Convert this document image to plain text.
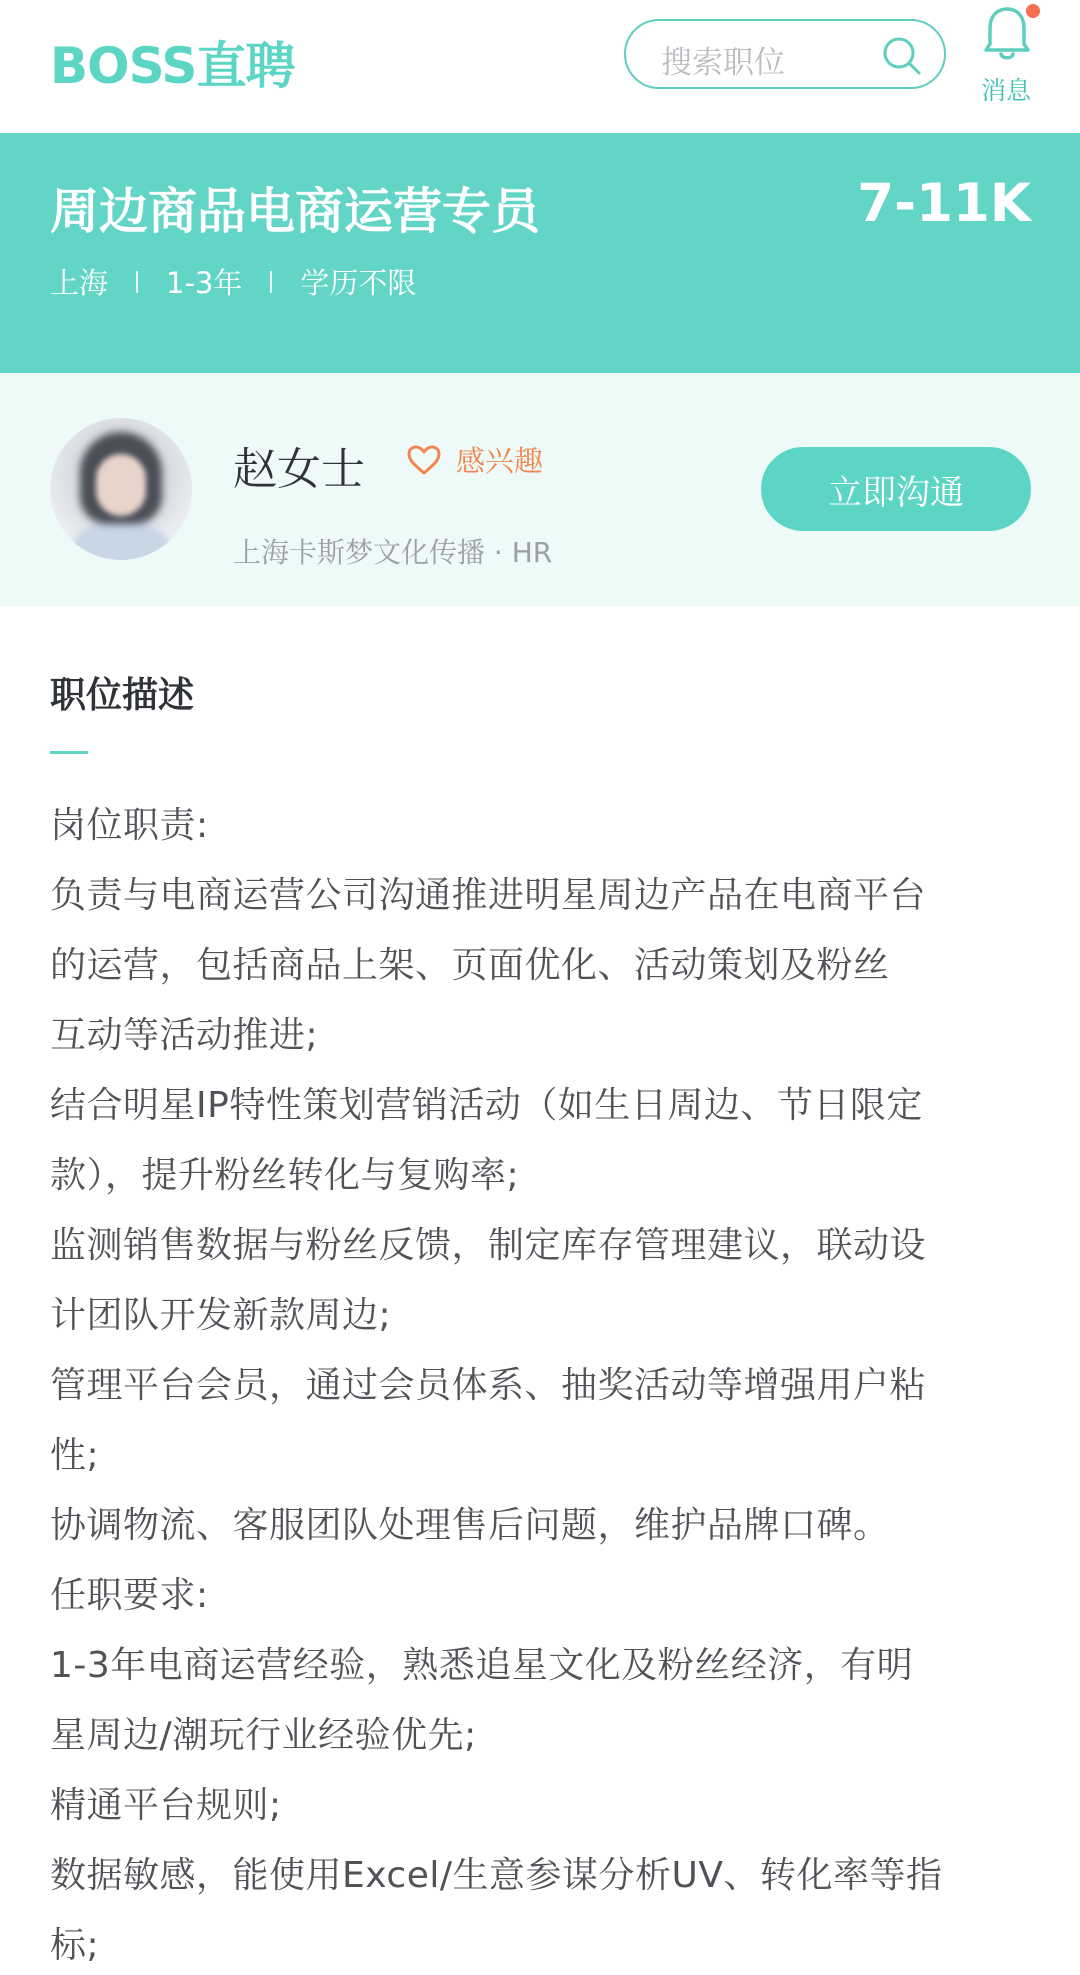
BOSS直聘	搜索职位
消息
周边商品电商运营专员	7-11K
上海 1-3年 学历不限
赵女士	感兴趣
上海卡斯梦文化传播 · HR
立即沟通
职位描述
岗位职责:
负责与电商运营公司沟通推进明星周边产品在电商平台
的运营，包括商品上架、页面优化、活动策划及粉丝
互动等活动推进;
结合明星IP特性策划营销活动（如生日周边、节日限定
款），提升粉丝转化与复购率;
监测销售数据与粉丝反馈，制定库存管理建议，联动设
计团队开发新款周边;
管理平台会员，通过会员体系、抽奖活动等增强用户粘
性;
协调物流、客服团队处理售后问题，维护品牌口碑。
任职要求:
1-3年电商运营经验，熟悉追星文化及粉丝经济，有明
星周边/潮玩行业经验优先;
精通平台规则;
数据敏感，能使用Excel/生意参谋分析UV、转化率等指
标;
